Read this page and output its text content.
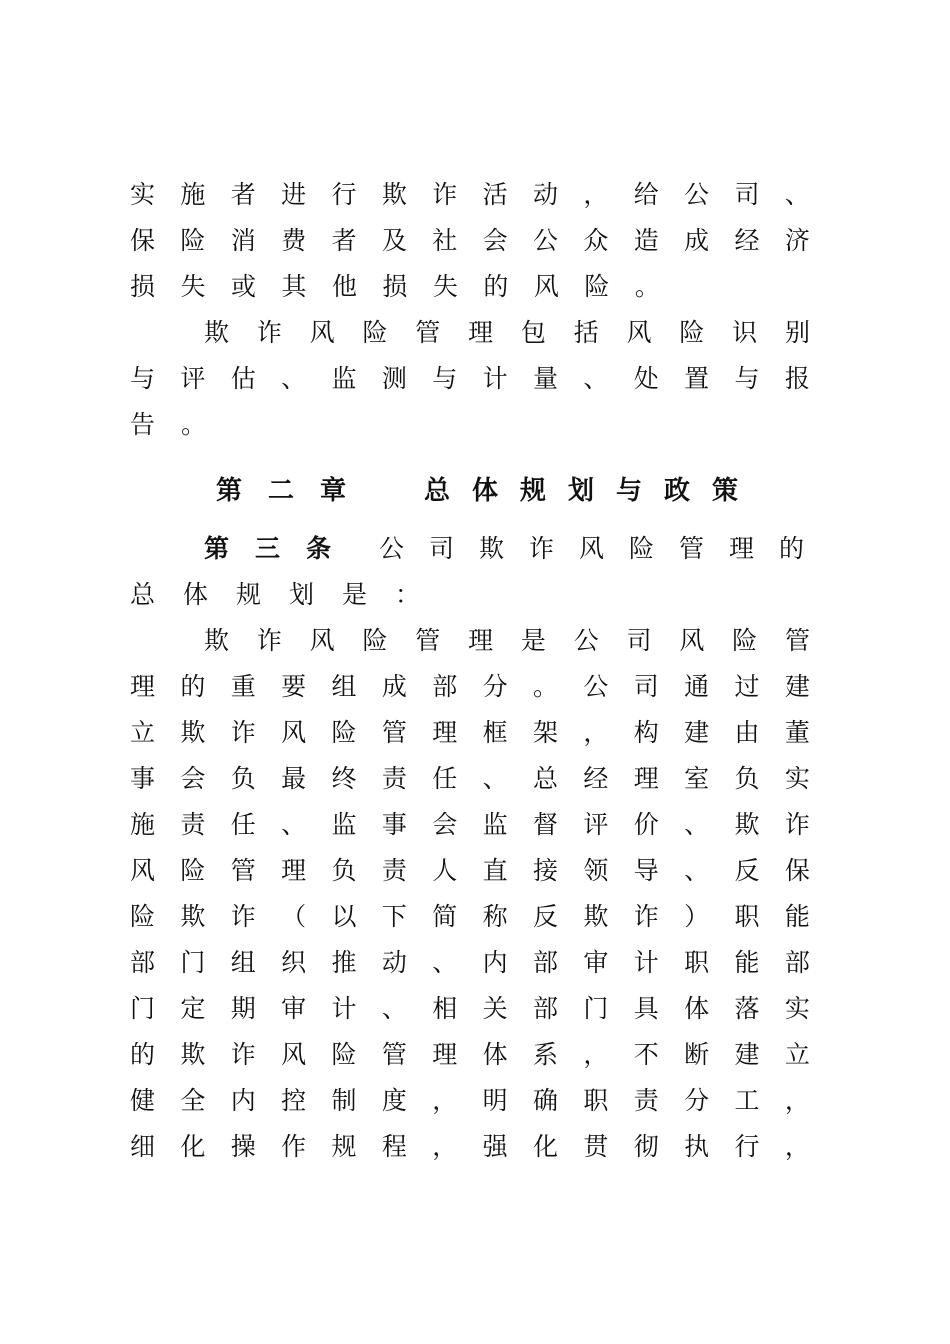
实 施 者 进 行 欺 诈 活 动 ， 给 公 司 、
保 险 消 费 者 及 社 会 公 众 造 成 经 济
损 失 或 其 他 损 失 的 风 险 。
欺 诈 风 险 管 理 包 括 风 险 识 别
与 评 估 、 监 测 与 计 量 、 处 置 与 报
告。
第二章 总体规划与政策
第三条 公司欺诈风险管理的
总体规划是：
欺 诈 风 险 管 理 是 公 司 风 险 管
理 的 重 要 组 成 部 分 。 公 司 通 过 建
立 欺 诈 风 险 管 理 框 架 ， 构 建 由 董
事 会 负 最 终 责 任 、 总 经 理 室 负 实
施 责 任 、 监 事 会 监 督 评 价 、 欺 诈
风 险 管 理 负 责 人 直 接 领 导 、 反 保
险 欺 诈 （ 以 下 简 称 反 欺 诈 ） 职 能
部 门 组 织 推 动 、 内 部 审 计 职 能 部
门 定 期 审 计 、 相 关 部 门 具 体 落 实
的 欺 诈 风 险 管 理 体 系 ， 不 断 建 立
健 全 内 控 制 度 ， 明 确 职 责 分 工 ，
细 化 操 作 规 程 ， 强 化 贯 彻 执 行 ，
